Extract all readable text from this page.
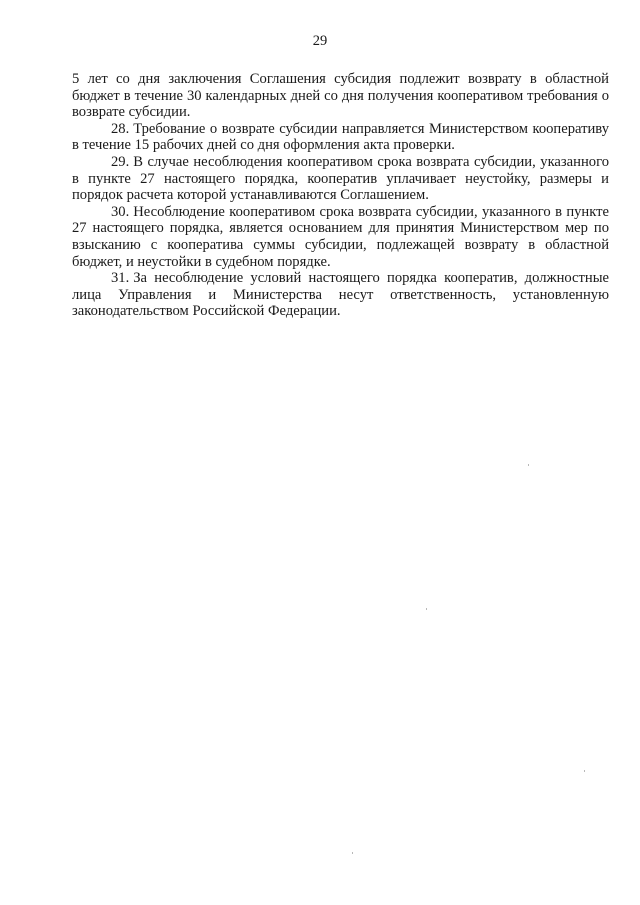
29

5 лет со дня заключения Соглашения субсидия подлежит возврату в областной бюджет в течение 30 календарных дней со дня получения кооперативом требования о возврате субсидии.

28. Требование о возврате субсидии направляется Министерством кооперативу в течение 15 рабочих дней со дня оформления акта проверки.

29. В случае несоблюдения кооперативом срока возврата субсидии, указанного в пункте 27 настоящего порядка, кооператив уплачивает неустойку, размеры и порядок расчета которой устанавливаются Соглашением.

30. Несоблюдение кооперативом срока возврата субсидии, указанного в пункте 27 настоящего порядка, является основанием для принятия Министерством мер по взысканию с кооператива суммы субсидии, подлежащей возврату в областной бюджет, и неустойки в судебном порядке.

31. За несоблюдение условий настоящего порядка кооператив, должностные лица Управления и Министерства несут ответственность, установленную законодательством Российской Федерации.
